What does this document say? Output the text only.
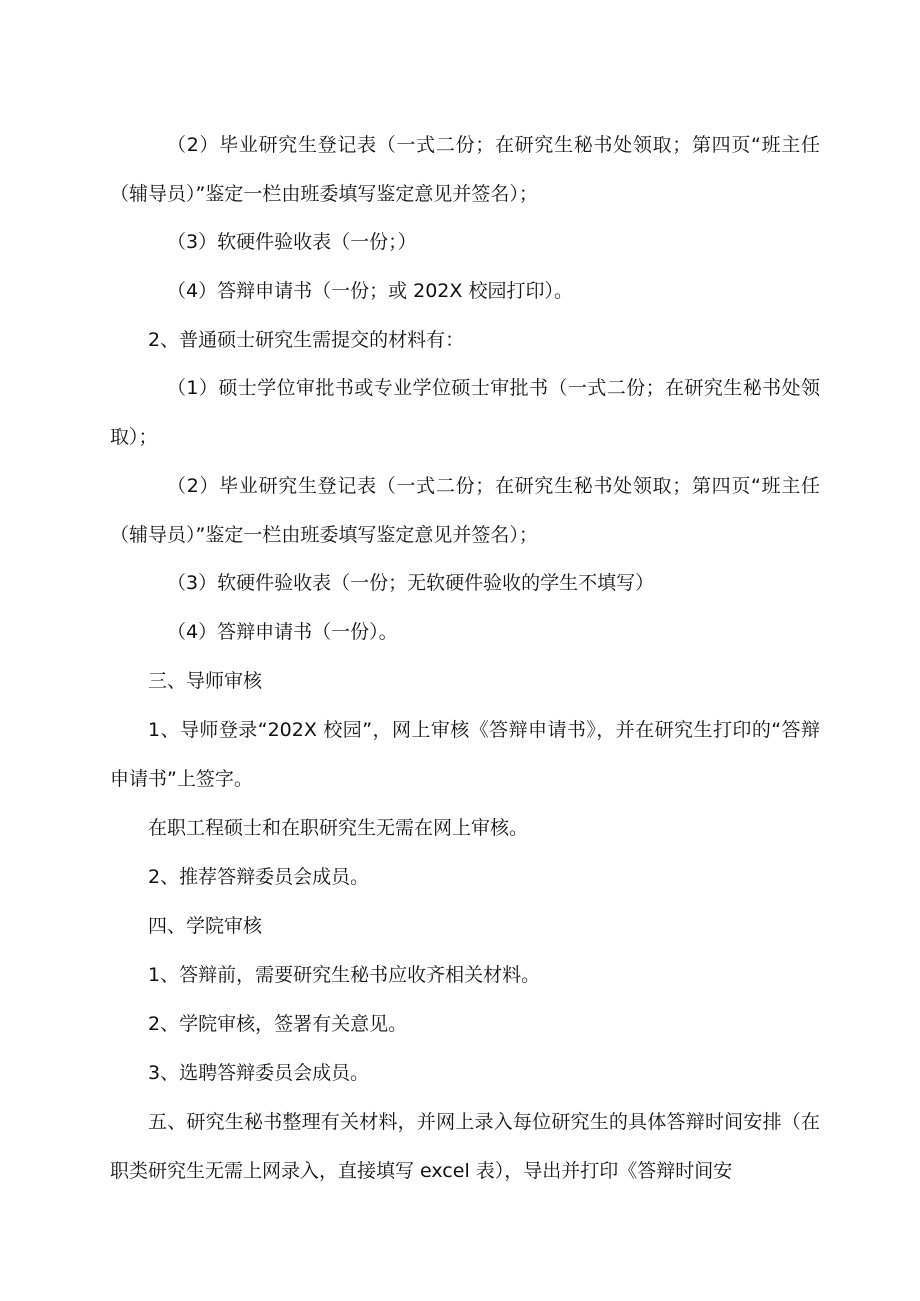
（2）毕业研究生登记表（一式二份；在研究生秘书处领取；第四页“班主任（辅导员）”鉴定一栏由班委填写鉴定意见并签名）；
（3）软硬件验收表（一份；）
（4）答辩申请书（一份；或 202X 校园打印）。
2、普通硕士研究生需提交的材料有：
（1）硕士学位审批书或专业学位硕士审批书（一式二份；在研究生秘书处领取）；
（2）毕业研究生登记表（一式二份；在研究生秘书处领取；第四页“班主任（辅导员）”鉴定一栏由班委填写鉴定意见并签名）；
（3）软硬件验收表（一份；无软硬件验收的学生不填写）
（4）答辩申请书（一份）。
三、导师审核
1、导师登录“202X 校园”，网上审核《答辩申请书》，并在研究生打印的“答辩申请书”上签字。
在职工程硕士和在职研究生无需在网上审核。
2、推荐答辩委员会成员。
四、学院审核
1、答辩前，需要研究生秘书应收齐相关材料。
2、学院审核，签署有关意见。
3、选聘答辩委员会成员。
五、研究生秘书整理有关材料，并网上录入每位研究生的具体答辩时间安排（在职类研究生无需上网录入，直接填写 excel 表），导出并打印《答辩时间安
